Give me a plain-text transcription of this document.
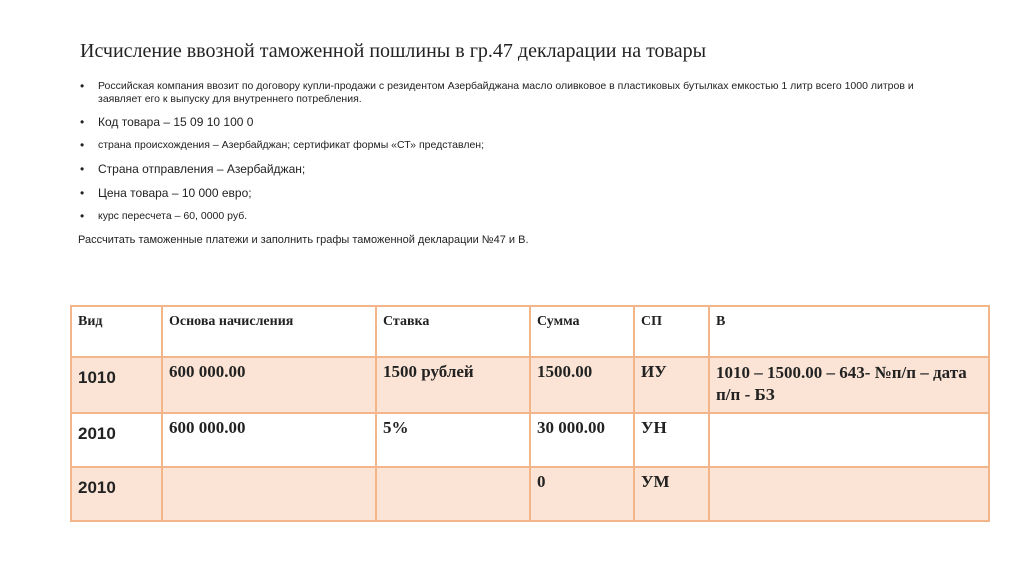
Исчисление ввозной таможенной пошлины в гр.47 декларации на товары
• Российская компания ввозит по договору купли-продажи с резидентом Азербайджана масло оливковое в пластиковых бутылках емкостью 1 литр всего 1000 литров и заявляет его к выпуску для внутреннего потребления.
• Код товара – 15 09 10 100 0
• страна происхождения – Азербайджан; сертификат формы «СТ» представлен;
• Страна отправления – Азербайджан;
• Цена товара – 10 000 евро;
• курс пересчета – 60, 0000 руб.
Рассчитать таможенные платежи и заполнить графы таможенной декларации №47 и В.
Вид	Основа начисления	Ставка	Сумма	СП	В
1010	600 000.00	1500 рублей	1500.00	ИУ	1010 – 1500.00 – 643- №п/п – дата п/п - БЗ
2010	600 000.00	5%	30 000.00	УН	
2010			0	УМ	
